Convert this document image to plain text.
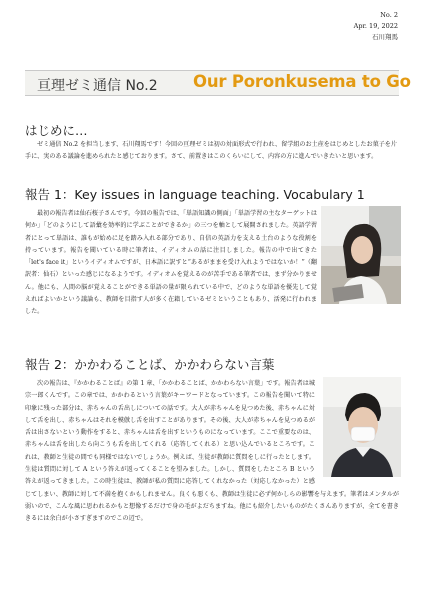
No. 2
Apr. 19, 2022
石川翔馬
亘理ゼミ通信 No.2 Our Poronkusema to Go
はじめに…
ゼミ通信 No.2 を担当します、石川翔馬です！今回の亘理ゼミは初の対面形式で行われ、留学組のお土産をはじめとしたお菓子を片手に、実のある議論を進められたと感じております。さて、前置きはこのくらいにして、内容の方に進んでいきたいと思います。
報告 1：Key issues in language teaching. Vocabulary 1
最初の報告者は仙石桜子さんです。今回の報告では、「単語知識の側面」「単語学習の主なターゲットは何か」「どのようにして語彙を効率的に学ぶことができるか」の三つを軸として展開されました。英語学習者にとって単語は、誰もが始めに足を踏み入れる部分であり、自信の英語力を支える土台のような役割を持っています。報告を聞いている時に筆者は、イディオムの話に注目しました。報告の中で出てきた「let's face it」というイディオムですが、日本語に訳すと“あるがままを受け入れようではないか！”（翻訳者：仙石）といった感じになるようです。イディオムを覚えるのが苦手である筆者では、まず分かりません。他にも、人間の脳が覚えることができる単語の量が限られている中で、どのような単語を優先して覚えればよいかという議論も、教師を目指す人が多く在籍しているゼミということもあり、活発に行われました。
報告 2：かかわることば、かかわらない言葉
次の報告は、『かかわることば』の第 1 章、「かかわることば、かかわらない言葉」です。報告者は城宗一郎くんです。この章では、かかわるという言葉がキーワードとなっています。この報告を聞いて特に印象に残った部分は、赤ちゃんの舌出しについての話です。大人が赤ちゃんを見つめた後、赤ちゃんに対して舌を出し、赤ちゃんはそれを模倣し舌を出すことがあります。その後、大人が赤ちゃんを見つめるが舌は出さないという動作をすると、赤ちゃんは舌を出すというものになっています。ここで重要なのは、赤ちゃんは舌を出したら向こうも舌を出してくれる（応答してくれる）と思い込んでいるところです。これは、教師と生徒の間でも同様ではないでしょうか。例えば、生徒が教師に質問をしに行ったとします。生徒は質問に対して A という答えが返ってくることを望みました。しかし、質問をしたところ B という答えが返ってきました。この時生徒は、教師が私の質問に応答してくれなかった（対応しなかった）と感じてしまい、教師に対して不満を抱くかもしれません。良くも悪くも、教師は生徒に必ず何かしらの影響を与えます。筆者はメンタルが弱いので、こんな風に思われるかもと想像するだけで身の毛がよだちますね。他にも紹介したいものがたくさんありますが、全てを書ききるには余白が小さすぎますのでこの辺で。
